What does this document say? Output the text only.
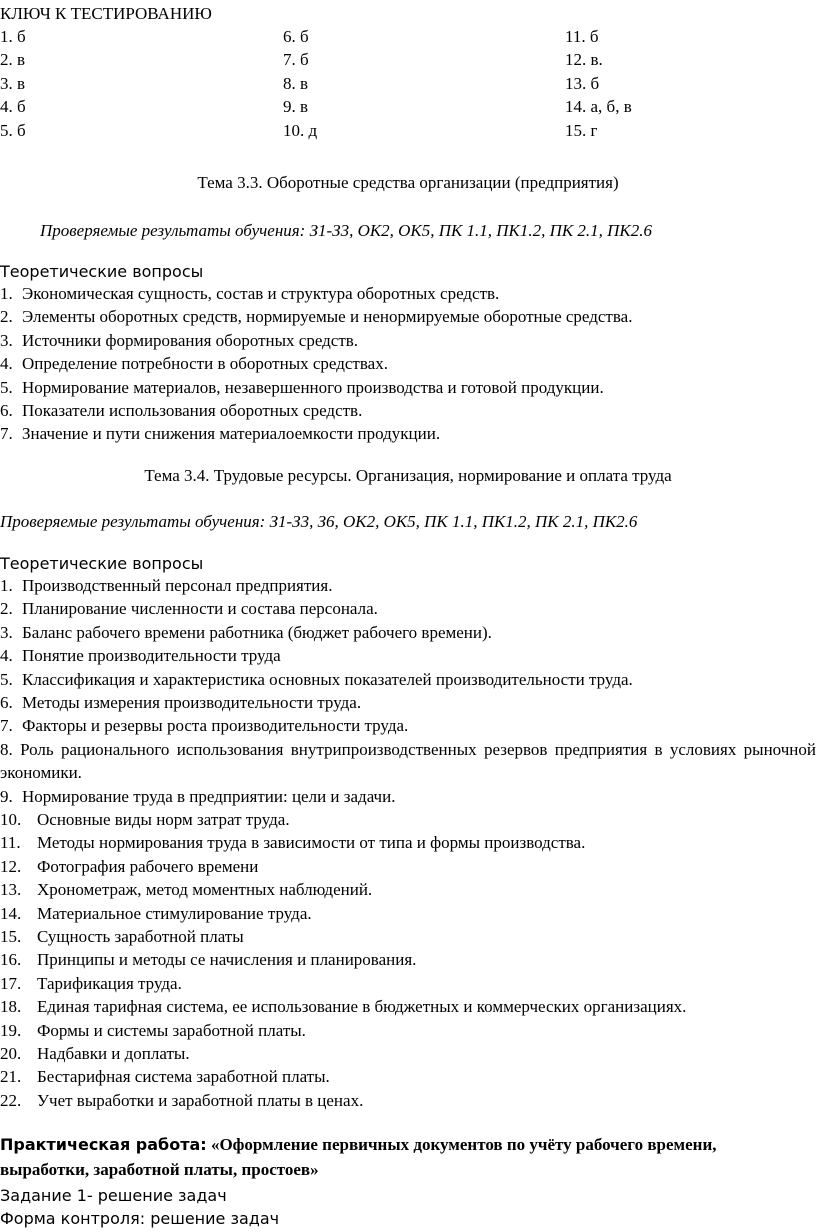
КЛЮЧ К ТЕСТИРОВАНИЮ
1. б	6. б	11. б
2. в	7. б	12. в.
3. в	8. в	13. б
4. б	9. в	14. а, б, в
5. б	10. д	15. г
Тема 3.3. Оборотные средства организации (предприятия)
Проверяемые результаты обучения: З1-З3, ОК2, ОК5, ПК 1.1, ПК1.2, ПК 2.1, ПК2.6
Теоретические вопросы
1. Экономическая сущность, состав и структура оборотных средств.
2. Элементы оборотных средств, нормируемые и ненормируемые оборотные средства.
3. Источники формирования оборотных средств.
4. Определение потребности в оборотных средствах.
5. Нормирование материалов, незавершенного производства и готовой продукции.
6. Показатели использования оборотных средств.
7. Значение и пути снижения материалоемкости продукции.
Тема 3.4. Трудовые ресурсы. Организация, нормирование и оплата труда
Проверяемые результаты обучения: З1-З3, З6, ОК2, ОК5, ПК 1.1, ПК1.2, ПК 2.1, ПК2.6
Теоретические вопросы
1. Производственный персонал предприятия.
2. Планирование численности и состава персонала.
3. Баланс рабочего времени работника (бюджет рабочего времени).
4. Понятие производительности труда
5. Классификация и характеристика основных показателей производительности труда.
6. Методы измерения производительности труда.
7. Факторы и резервы роста производительности труда.
8. Роль рационального использования внутрипроизводственных резервов предприятия в условиях рыночной экономики.
9. Нормирование труда в предприятии: цели и задачи.
10. Основные виды норм затрат труда.
11. Методы нормирования труда в зависимости от типа и формы производства.
12. Фотография рабочего времени
13. Хронометраж, метод моментных наблюдений.
14. Материальное стимулирование труда.
15. Сущность заработной платы
16. Принципы и методы се начисления и планирования.
17. Тарификация труда.
18. Единая тарифная система, ее использование в бюджетных и коммерческих организациях.
19. Формы и системы заработной платы.
20. Надбавки и доплаты.
21. Бестарифная система заработной платы.
22. Учет выработки и заработной платы в ценах.
Практическая работа: «Оформление первичных документов по учёту рабочего времени, выработки, заработной платы, простоев»
Задание 1- решение задач
Форма контроля: решение задач
